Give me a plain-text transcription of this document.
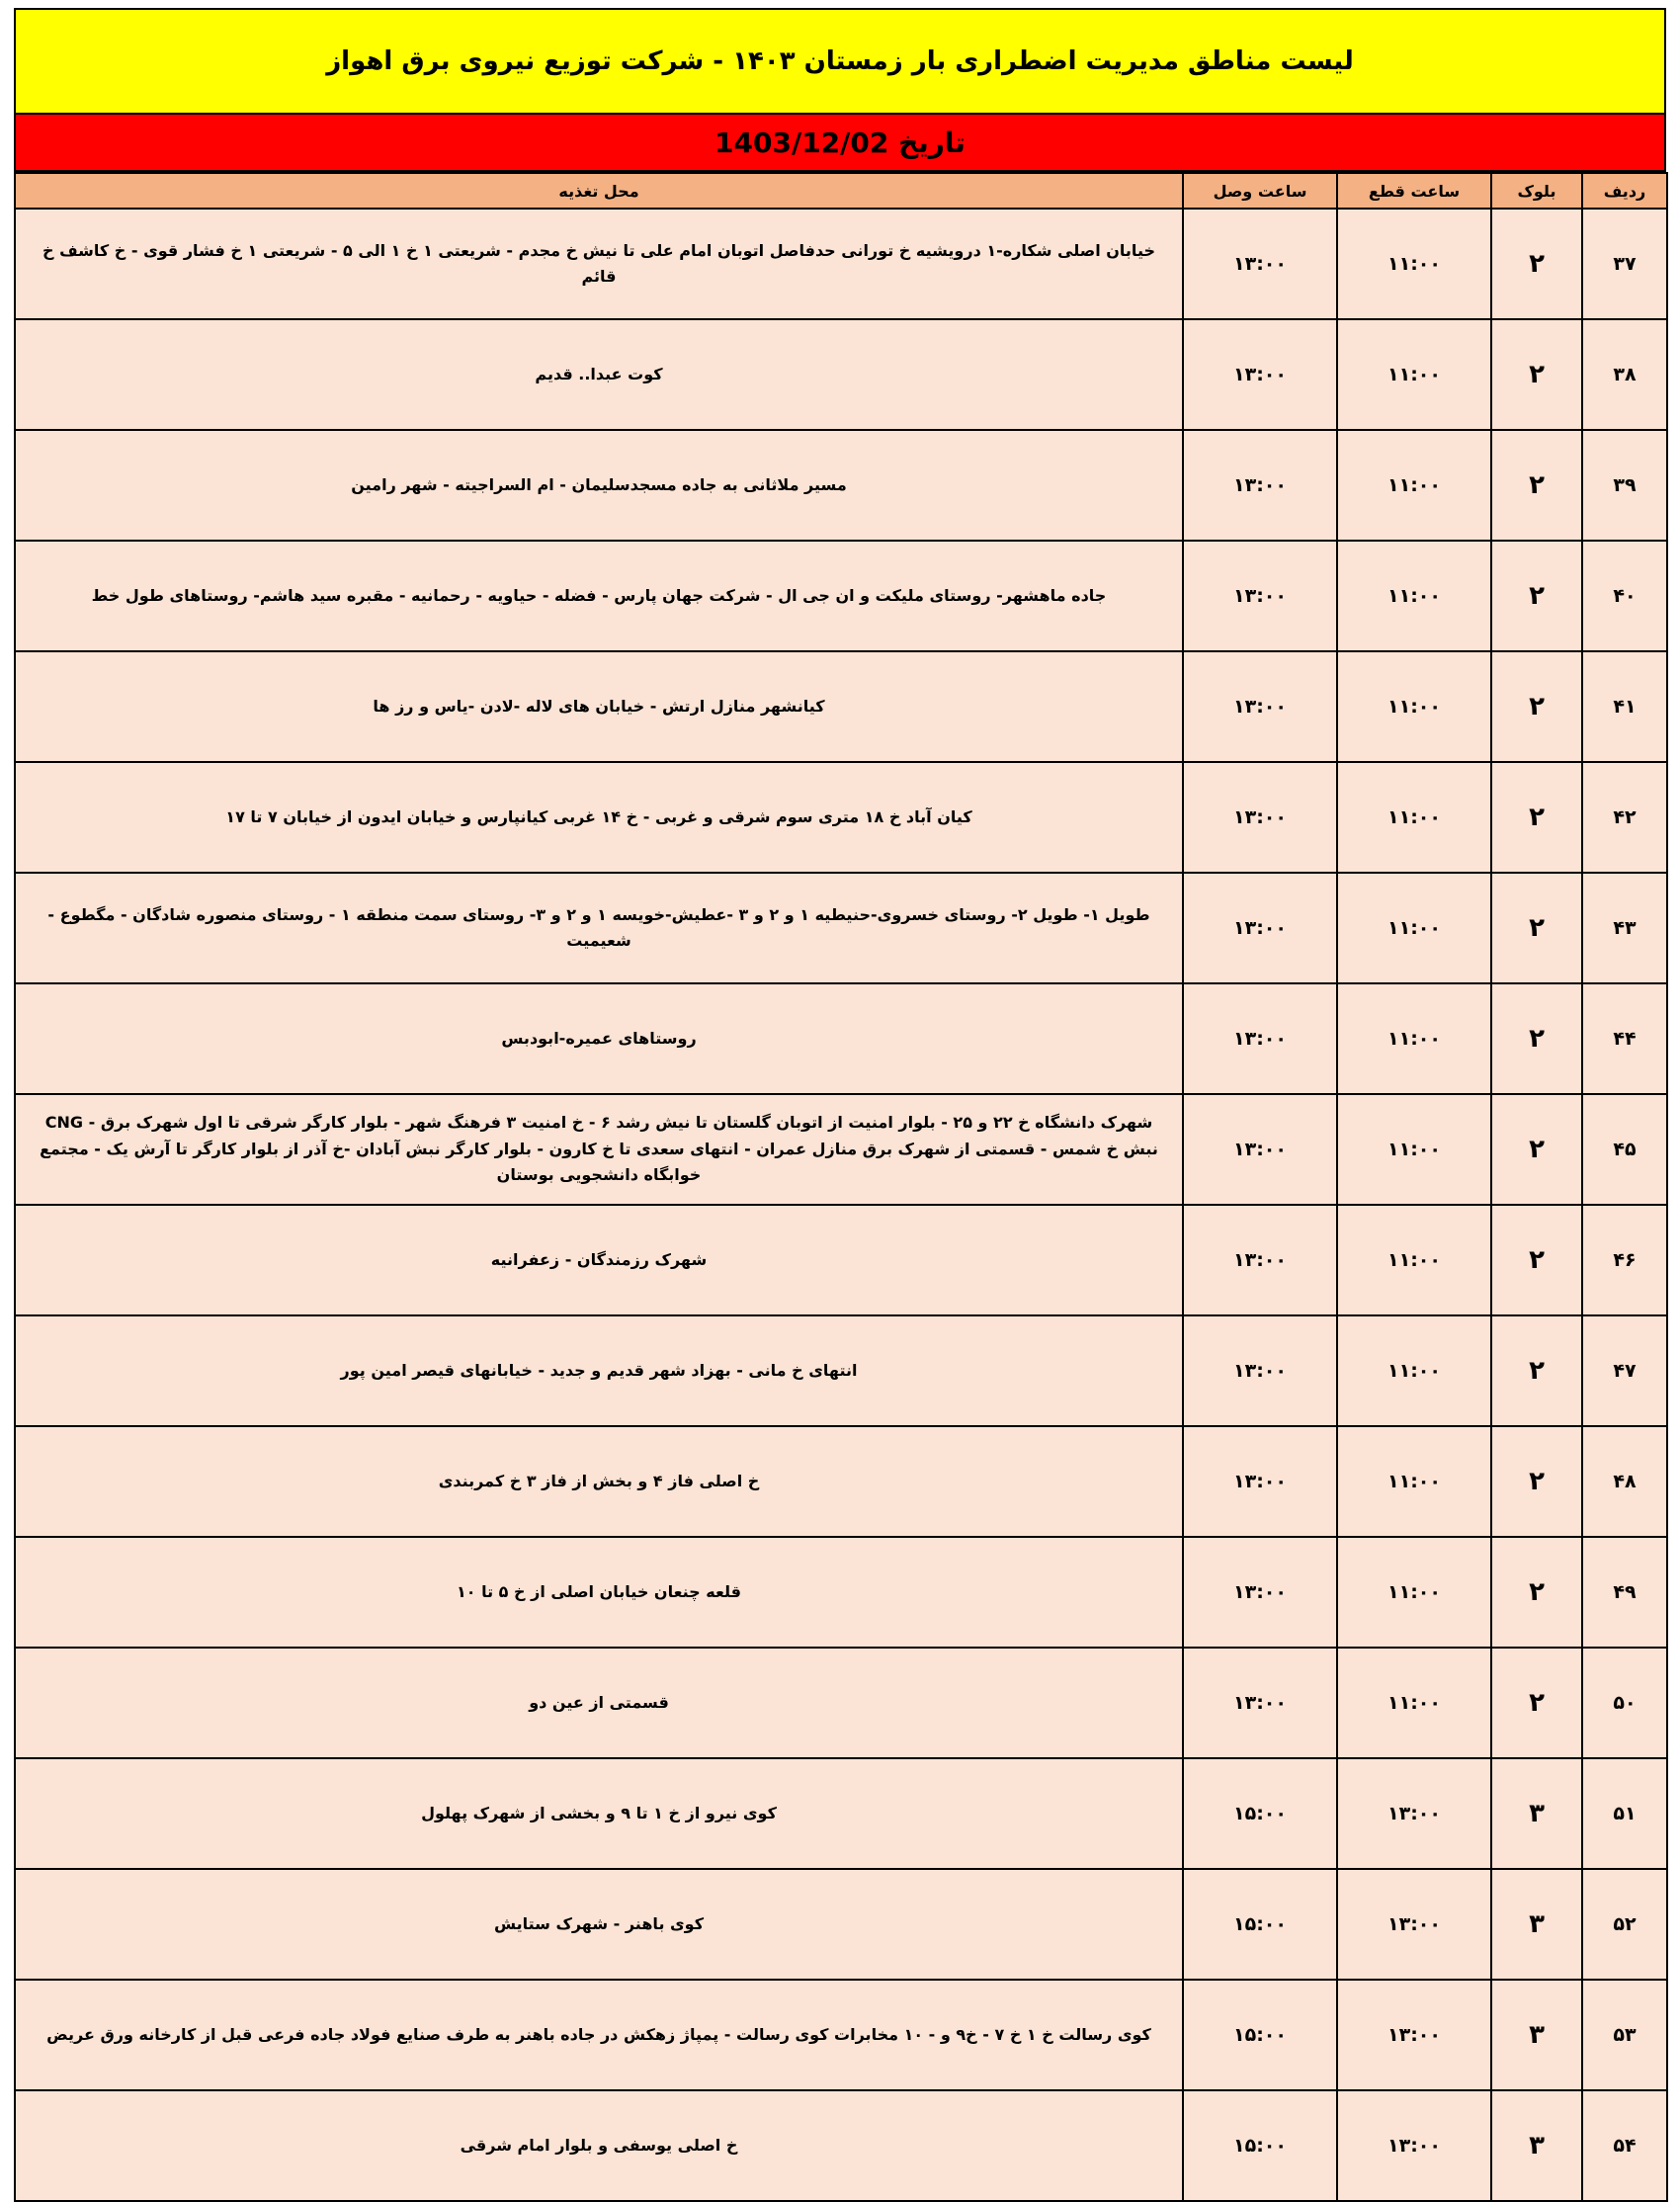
لیست مناطق مدیریت اضطراری بار زمستان ۱۴۰۳ - شرکت توزیع نیروی برق اهواز
تاریخ 1403/12/02
ردیف	بلوک	ساعت قطع	ساعت وصل	محل تغذیه
۳۷	۲	۱۱:۰۰	۱۳:۰۰	خیابان اصلی شکاره-۱ درویشیه خ تورانی حدفاصل اتوبان امام علی تا نیش خ مجدم - شریعتی ۱ خ ۱ الی ۵ - شریعتی ۱ خ فشار قوی - خ کاشف خ قائم
۳۸	۲	۱۱:۰۰	۱۳:۰۰	کوت عبدا.. قدیم
۳۹	۲	۱۱:۰۰	۱۳:۰۰	مسیر ملاثانی به جاده مسجدسلیمان - ام السراجیته - شهر رامین
۴۰	۲	۱۱:۰۰	۱۳:۰۰	جاده ماهشهر- روستای ملیکت و ان جی ال - شرکت جهان پارس - فضله - حیاویه - رحمانیه - مقبره سید هاشم- روستاهای طول خط
۴۱	۲	۱۱:۰۰	۱۳:۰۰	کیانشهر منازل ارتش - خیابان های لاله -لادن -یاس و رز ها
۴۲	۲	۱۱:۰۰	۱۳:۰۰	کیان آباد خ ۱۸ متری سوم شرقی و غربی - خ ۱۴ غربی کیانپارس و خیابان ایدون از خیابان ۷ تا ۱۷
۴۳	۲	۱۱:۰۰	۱۳:۰۰	طویل ۱- طویل ۲- روستای خسروی-حنیطیه ۱ و ۲ و ۳ -عطیش-خویسه ۱ و ۲ و ۳- روستای سمت منطقه ۱ - روستای منصوره شادگان - مگطوع - شعیمیت
۴۴	۲	۱۱:۰۰	۱۳:۰۰	روستاهای عمیره-ابودبس
۴۵	۲	۱۱:۰۰	۱۳:۰۰	شهرک دانشگاه خ ۲۲ و ۲۵ - بلوار امنیت از اتوبان گلستان تا نیش رشد ۶ - خ امنیت ۳ فرهنگ شهر - بلوار کارگر شرقی تا اول شهرک برق - CNG نبش خ شمس - قسمتی از شهرک برق منازل عمران - انتهای سعدی تا خ کارون - بلوار کارگر نبش آبادان -خ آذر از بلوار کارگر تا آرش یک - مجتمع خوابگاه دانشجویی بوستان
۴۶	۲	۱۱:۰۰	۱۳:۰۰	شهرک رزمندگان - زعفرانیه
۴۷	۲	۱۱:۰۰	۱۳:۰۰	انتهای خ مانی - بهزاد شهر قدیم و جدید - خیابانهای قیصر امین پور
۴۸	۲	۱۱:۰۰	۱۳:۰۰	خ اصلی فاز ۴ و بخش از فاز ۳ خ کمربندی
۴۹	۲	۱۱:۰۰	۱۳:۰۰	قلعه چنعان خیابان اصلی از خ ۵ تا ۱۰
۵۰	۲	۱۱:۰۰	۱۳:۰۰	قسمتی از عین دو
۵۱	۳	۱۳:۰۰	۱۵:۰۰	کوی نیرو از خ ۱ تا ۹ و بخشی از شهرک پهلول
۵۲	۳	۱۳:۰۰	۱۵:۰۰	کوی باهنر - شهرک ستایش
۵۳	۳	۱۳:۰۰	۱۵:۰۰	کوی رسالت خ ۱ خ ۷ - خ۹ و - ۱۰ مخابرات کوی رسالت - پمپاژ زهکش در جاده باهنر به طرف صنایع فولاد جاده فرعی قبل از کارخانه ورق عریض
۵۴	۳	۱۳:۰۰	۱۵:۰۰	خ اصلی یوسفی و بلوار امام شرقی
